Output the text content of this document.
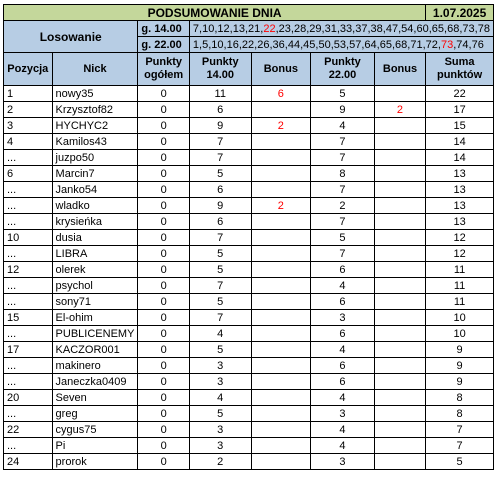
PODSUMOWANIE DNIA							1.07.2025
Losowanie		g. 14.00	7,10,12,13,21,22,23,28,29,31,33,37,38,47,54,60,65,68,73,78				
		g. 22.00	1,5,10,16,22,26,36,44,45,50,53,57,64,65,68,71,72,73,74,76				
Pozycja	Nick	Punkty ogółem	Punkty 14.00	Bonus	Punkty 22.00	Bonus	Suma punktów
1	nowy35	0	11	6	5		22
2	Krzysztof82	0	6		9	2	17
3	HYCHYC2	0	9	2	4		15
4	Kamilos43	0	7		7		14
...	juzpo50	0	7		7		14
6	Marcin7	0	5		8		13
...	Janko54	0	6		7		13
...	wladko	0	9	2	2		13
...	krysieńka	0	6		7		13
10	dusia	0	7		5		12
...	LIBRA	0	5		7		12
12	olerek	0	5		6		11
...	psychol	0	7		4		11
...	sony71	0	5		6		11
15	El-ohim	0	7		3		10
...	PUBLICENEMY	0	4		6		10
17	KACZOR001	0	5		4		9
...	makinero	0	3		6		9
...	Janeczka0409	0	3		6		9
20	Seven	0	4		4		8
...	greg	0	5		3		8
22	cygus75	0	3		4		7
...	Pi	0	3		4		7
24	prorok	0	2		3		5
